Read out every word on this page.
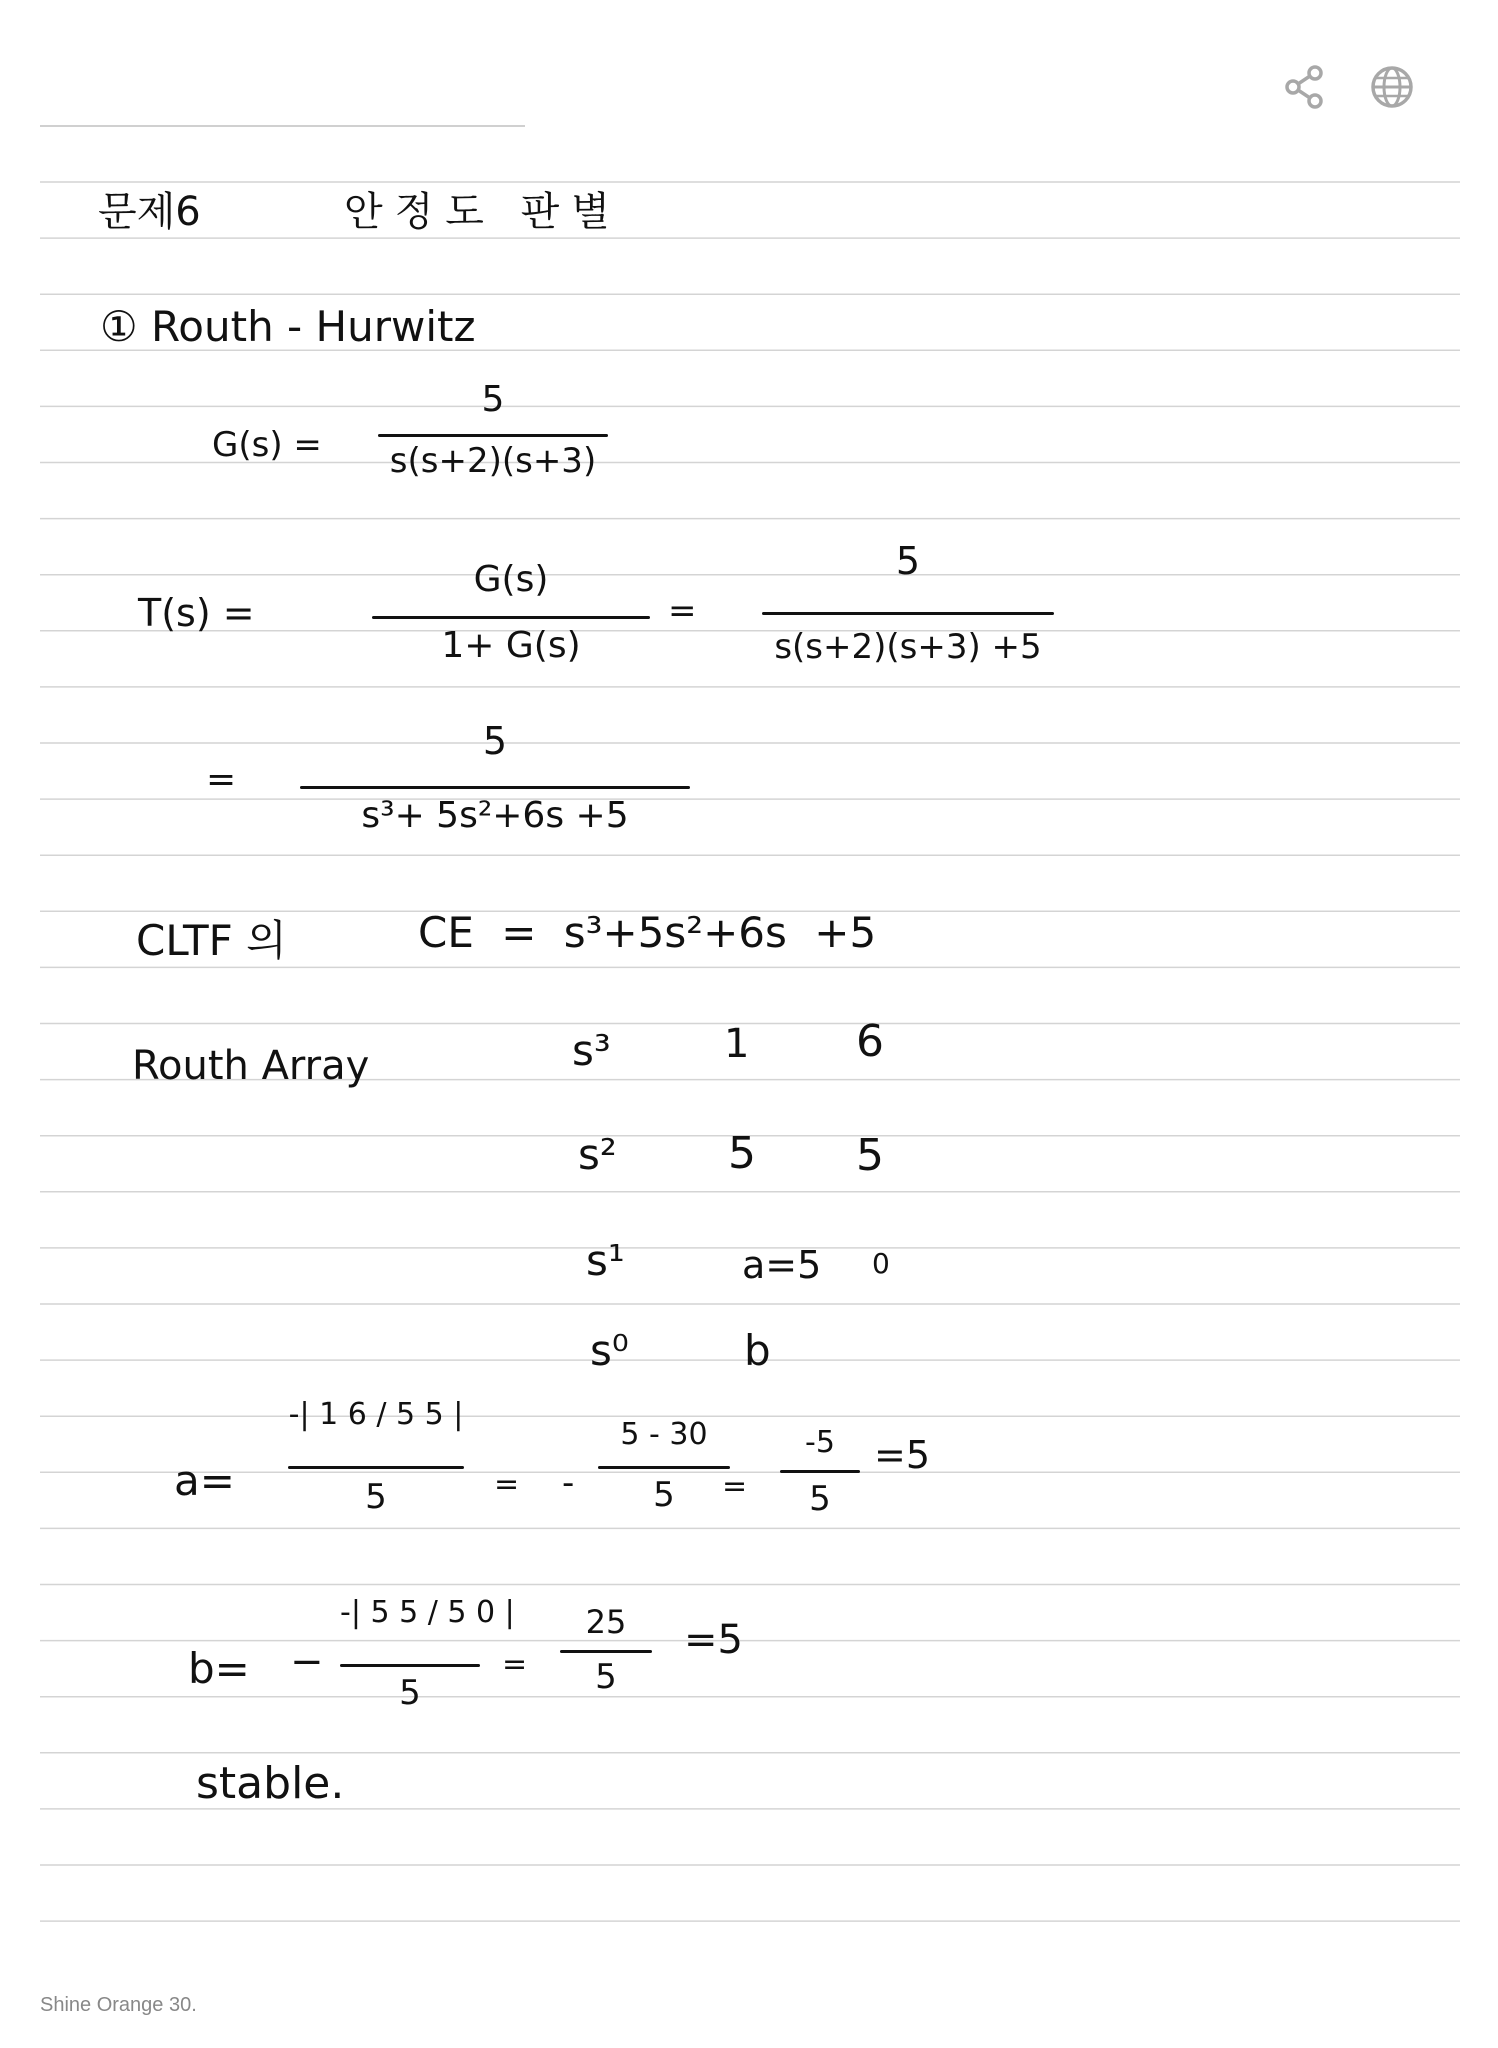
문제6	안정도 판별
① Routh - Hurwitz
G(s) =
5
s(s+2)(s+3)
T(s) =
G(s)
1+ G(s)
=
5
s(s+2)(s+3) +5
=
5
s³+ 5s²+6s +5
CLTF 의	CE = s³+5s²+6s +5
Routh Array	s³	1 6
s²	5 5
s¹	a=5 0
s⁰	b
a=
-| 1 6 / 5 5 |
5	= -
5 - 30
5	=
-5
5
=5
b= −
-| 5 5 / 5 0 |
5
=
25
5
=5
stable.
Shine Orange 30.
